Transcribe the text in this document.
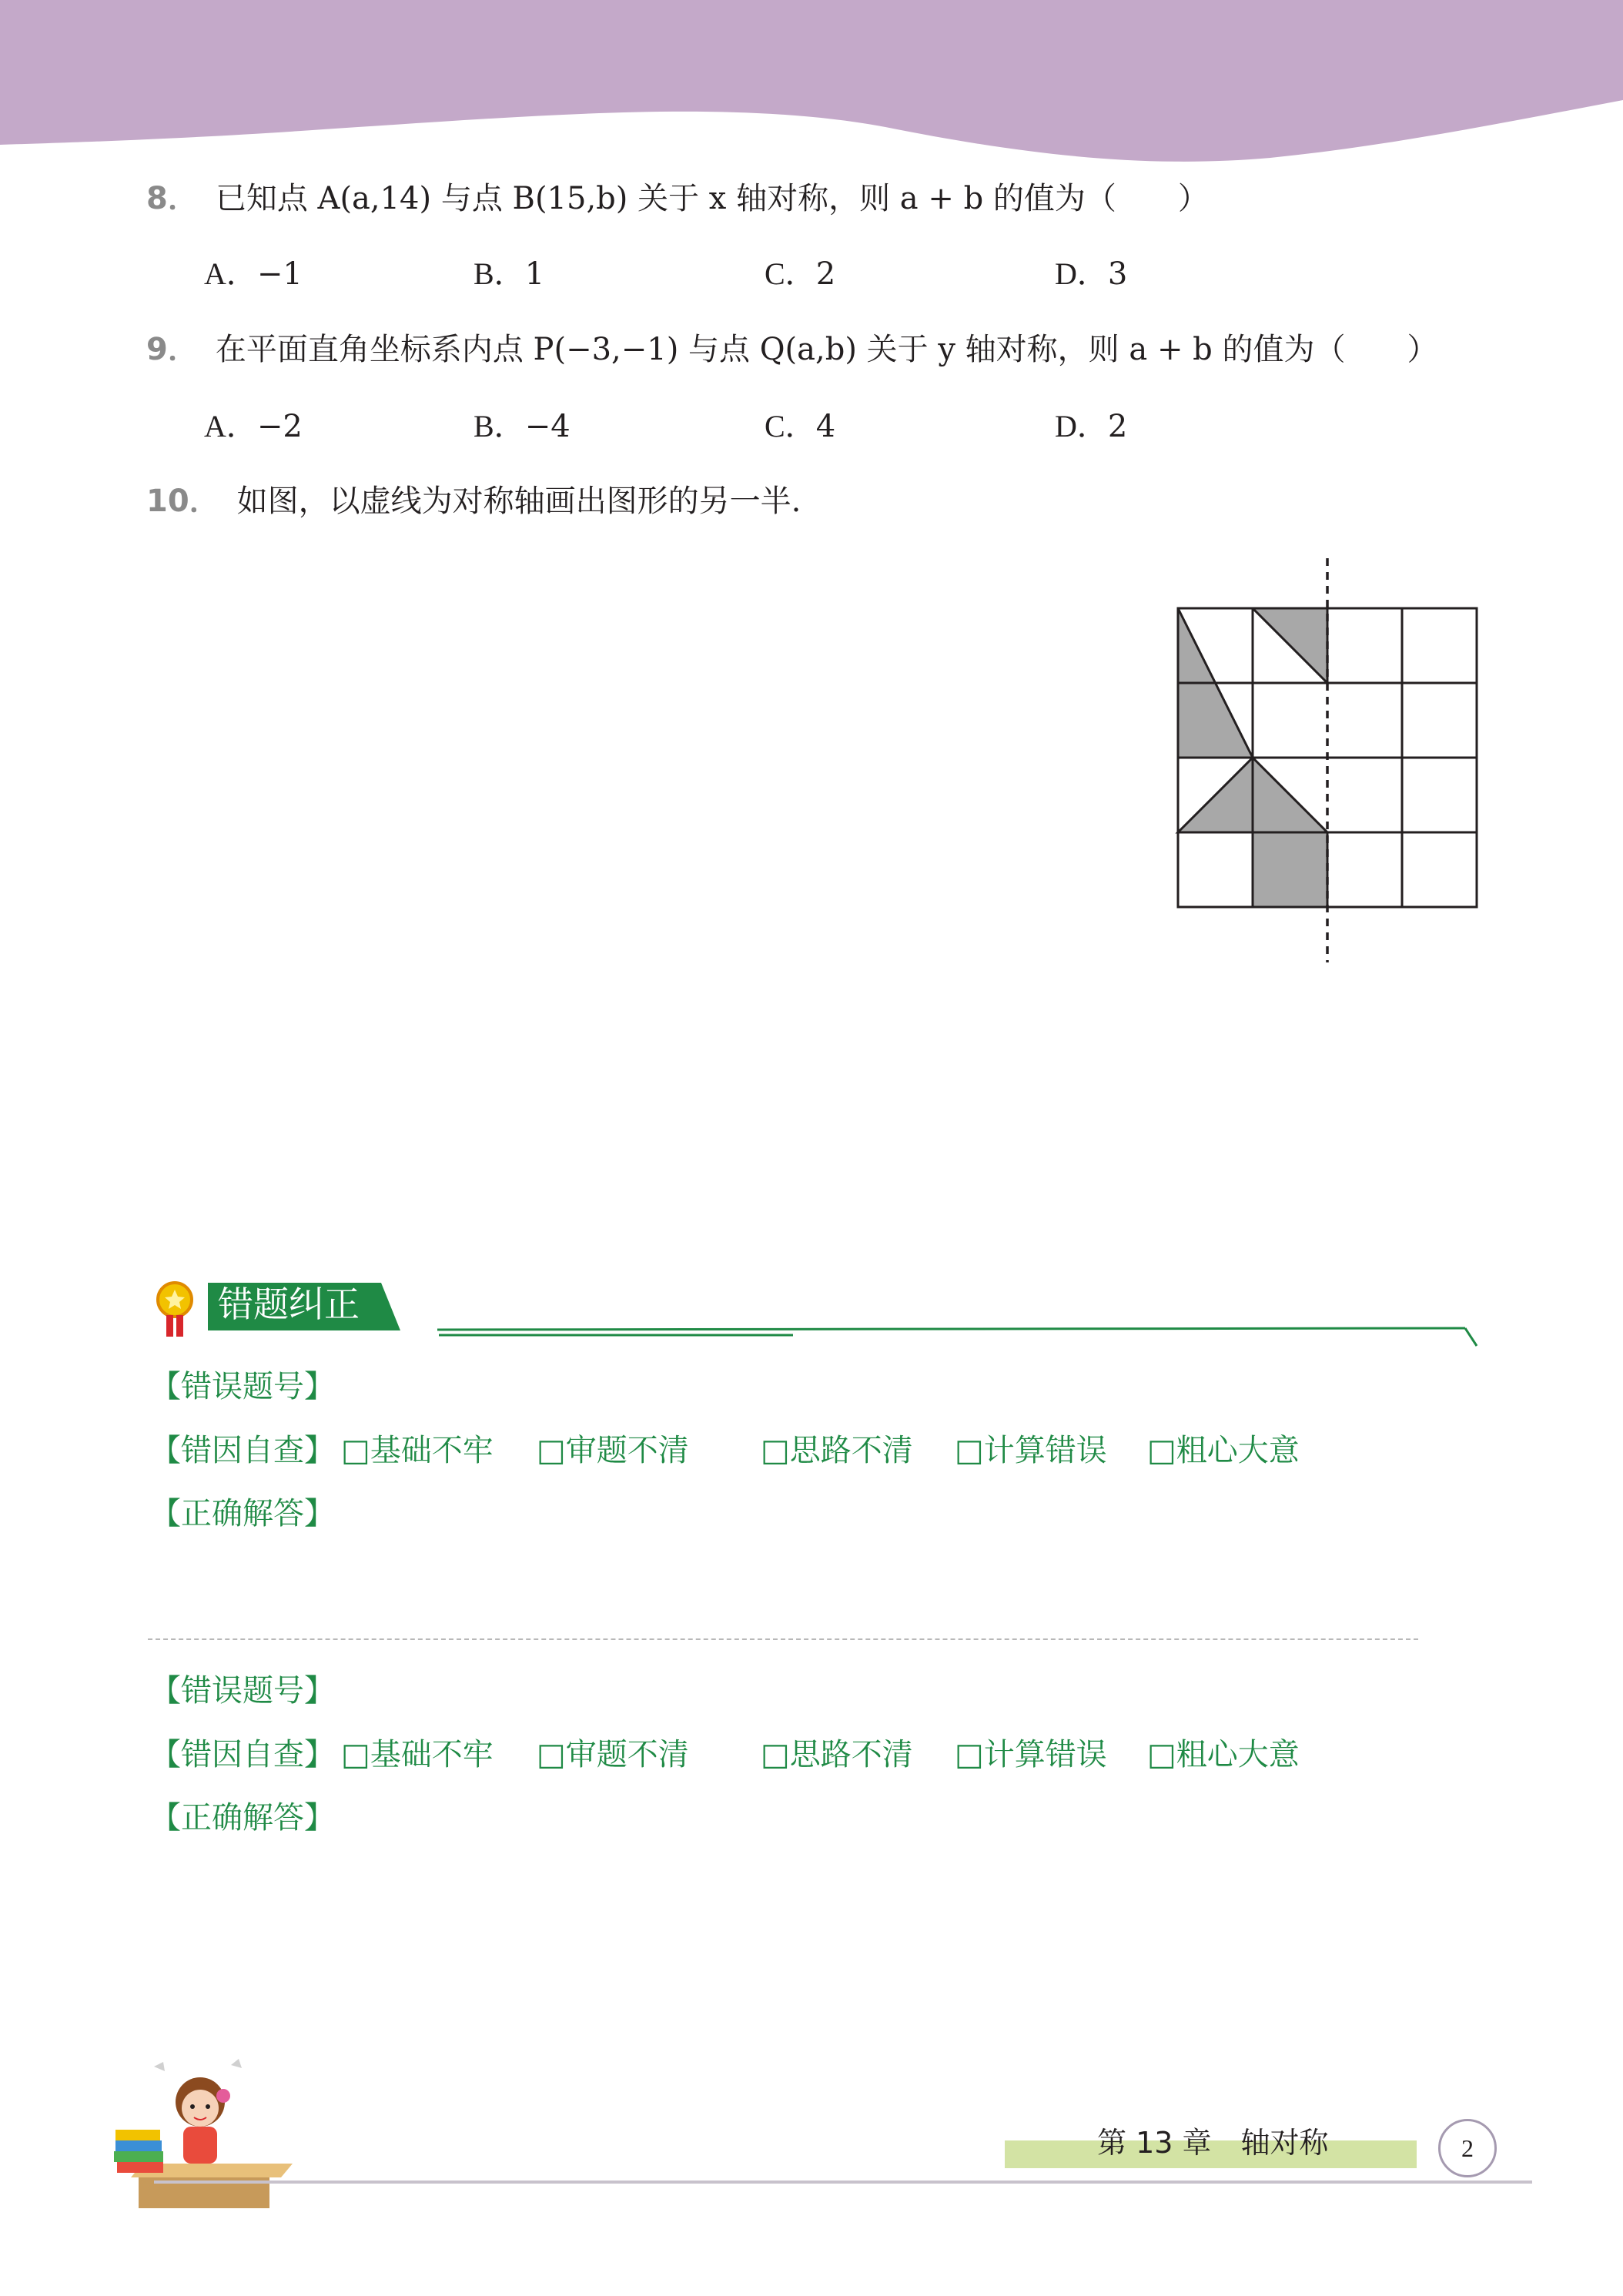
8． 已知点 A(a,14) 与点 B(15,b) 关于 x 轴对称，则 a + b 的值为（　　）
A．−1	B．1	C．2	D．3
9． 在平面直角坐标系内点 P(−3,−1) 与点 Q(a,b) 关于 y 轴对称，则 a + b 的值为（　　）
A．−2	B．−4	C．4	D．2
10． 如图，以虚线为对称轴画出图形的另一半.
错题纠正
【错误题号】
【错因自查】 □基础不牢 □审题不清 □思路不清 □计算错误 □粗心大意
【正确解答】
【错误题号】
【错因自查】 □基础不牢 □审题不清 □思路不清 □计算错误 □粗心大意
【正确解答】
第 13 章　轴对称	2
